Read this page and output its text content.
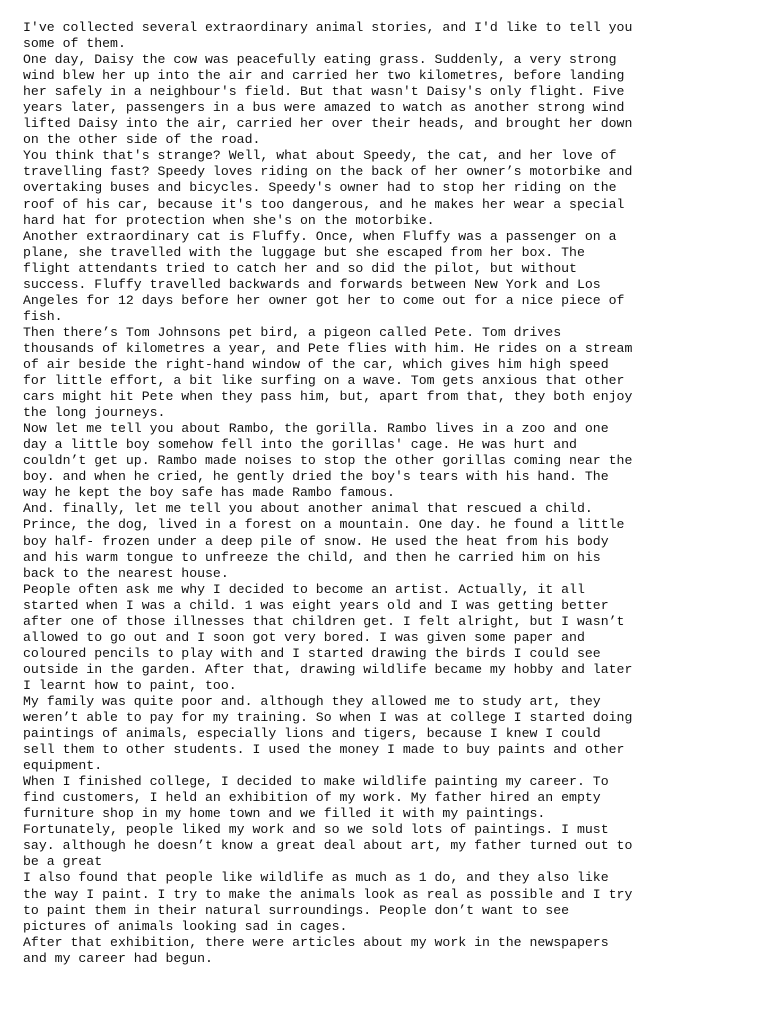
I've collected several extraordinary animal stories, and I'd like to tell you
some of them.
One day, Daisy the cow was peacefully eating grass. Suddenly, a very strong
wind blew her up into the air and carried her two kilometres, before landing
her safely in a neighbour's field. But that wasn't Daisy's only flight. Five
years later, passengers in a bus were amazed to watch as another strong wind
lifted Daisy into the air, carried her over their heads, and brought her down
on the other side of the road.
You think that's strange? Well, what about Speedy, the cat, and her love of
travelling fast? Speedy loves riding on the back of her owner’s motorbike and
overtaking buses and bicycles. Speedy's owner had to stop her riding on the
roof of his car, because it's too dangerous, and he makes her wear a special
hard hat for protection when she's on the motorbike.
Another extraordinary cat is Fluffy. Once, when Fluffy was a passenger on a
plane, she travelled with the luggage but she escaped from her box. The
flight attendants tried to catch her and so did the pilot, but without
success. Fluffy travelled backwards and forwards between New York and Los
Angeles for 12 days before her owner got her to come out for a nice piece of
fish.
Then there’s Tom Johnsons pet bird, a pigeon called Pete. Tom drives
thousands of kilometres a year, and Pete flies with him. He rides on a stream
of air beside the right-hand window of the car, which gives him high speed
for little effort, a bit like surfing on a wave. Tom gets anxious that other
cars might hit Pete when they pass him, but, apart from that, they both enjoy
the long journeys.
Now let me tell you about Rambo, the gorilla. Rambo lives in a zoo and one
day a little boy somehow fell into the gorillas' cage. He was hurt and
couldn’t get up. Rambo made noises to stop the other gorillas coming near the
boy. and when he cried, he gently dried the boy's tears with his hand. The
way he kept the boy safe has made Rambo famous.
And. finally, let me tell you about another animal that rescued a child.
Prince, the dog, lived in a forest on a mountain. One day. he found a little
boy half- frozen under a deep pile of snow. He used the heat from his body
and his warm tongue to unfreeze the child, and then he carried him on his
back to the nearest house.
People often ask me why I decided to become an artist. Actually, it all
started when I was a child. 1 was eight years old and I was getting better
after one of those illnesses that children get. I felt alright, but I wasn’t
allowed to go out and I soon got very bored. I was given some paper and
coloured pencils to play with and I started drawing the birds I could see
outside in the garden. After that, drawing wildlife became my hobby and later
I learnt how to paint, too.
My family was quite poor and. although they allowed me to study art, they
weren’t able to pay for my training. So when I was at college I started doing
paintings of animals, especially lions and tigers, because I knew I could
sell them to other students. I used the money I made to buy paints and other
equipment.
When I finished college, I decided to make wildlife painting my career. To
find customers, I held an exhibition of my work. My father hired an empty
furniture shop in my home town and we filled it with my paintings.
Fortunately, people liked my work and so we sold lots of paintings. I must
say. although he doesn’t know a great deal about art, my father turned out to
be a great
I also found that people like wildlife as much as 1 do, and they also like
the way I paint. I try to make the animals look as real as possible and I try
to paint them in their natural surroundings. People don’t want to see
pictures of animals looking sad in cages.
After that exhibition, there were articles about my work in the newspapers
and my career had begun.
